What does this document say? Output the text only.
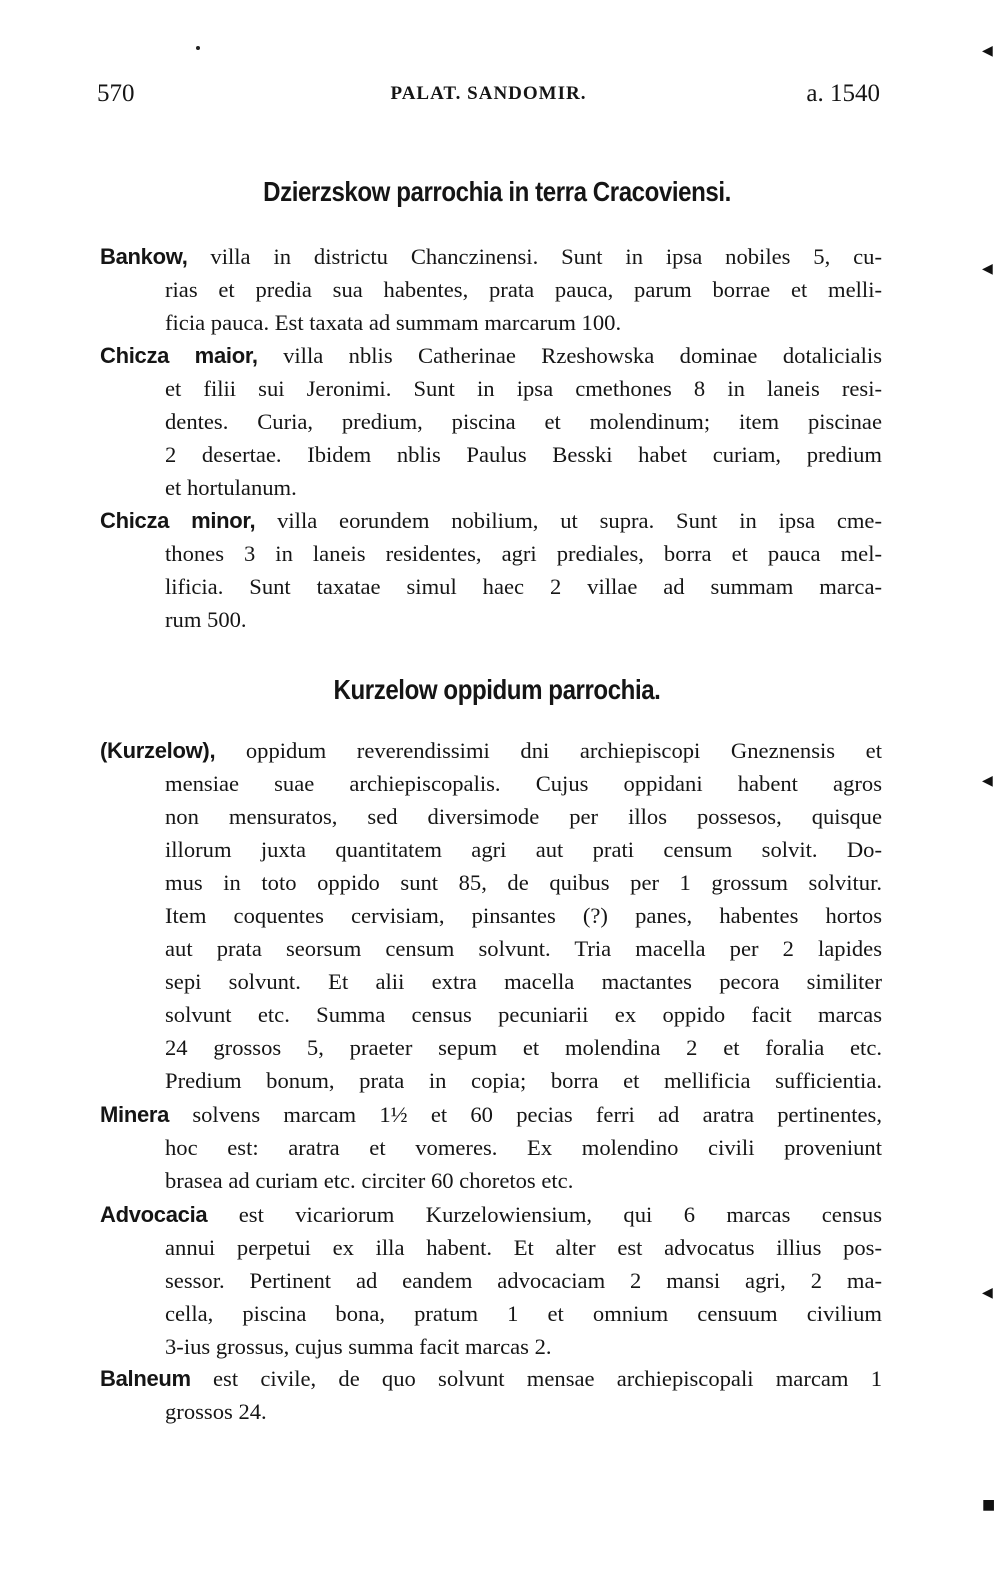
570	PALAT. SANDOMIR.	a. 1540
Dzierzskow parrochia in terra Cracoviensi.
Bankow, villa in districtu Chanczinensi. Sunt in ipsa nobiles 5, cu-
rias et predia sua habentes, prata pauca, parum borrae et melli-
ficia pauca. Est taxata ad summam marcarum 100.
Chicza maior, villa nblis Catherinae Rzeshowska dominae dotalicialis
et filii sui Jeronimi. Sunt in ipsa cmethones 8 in laneis resi-
dentes. Curia, predium, piscina et molendinum; item piscinae
2 desertae. Ibidem nblis Paulus Besski habet curiam, predium
et hortulanum.
Chicza minor, villa eorundem nobilium, ut supra. Sunt in ipsa cme-
thones 3 in laneis residentes, agri prediales, borra et pauca mel-
lificia. Sunt taxatae simul haec 2 villae ad summam marca-
rum 500.
Kurzelow oppidum parrochia.
(Kurzelow), oppidum reverendissimi dni archiepiscopi Gneznensis et
mensiae suae archiepiscopalis. Cujus oppidani habent agros
non mensuratos, sed diversimode per illos possesos, quisque
illorum juxta quantitatem agri aut prati censum solvit. Do-
mus in toto oppido sunt 85, de quibus per 1 grossum solvitur.
Item coquentes cervisiam, pinsantes (?) panes, habentes hortos
aut prata seorsum censum solvunt. Tria macella per 2 lapides
sepi solvunt. Et alii extra macella mactantes pecora similiter
solvunt etc. Summa census pecuniarii ex oppido facit marcas
24 grossos 5, praeter sepum et molendina 2 et foralia etc.
Predium bonum, prata in copia; borra et mellificia sufficientia.
Minera solvens marcam 1½ et 60 pecias ferri ad aratra pertinentes,
hoc est: aratra et vomeres. Ex molendino civili proveniunt
brasea ad curiam etc. circiter 60 choretos etc.
Advocacia est vicariorum Kurzelowiensium, qui 6 marcas census
annui perpetui ex illa habent. Et alter est advocatus illius pos-
sessor. Pertinent ad eandem advocaciam 2 mansi agri, 2 ma-
cella, piscina bona, pratum 1 et omnium censuum civilium
3-ius grossus, cujus summa facit marcas 2.
Balneum est civile, de quo solvunt mensae archiepiscopali marcam 1
grossos 24.
◀
◀
◀
◀
■
